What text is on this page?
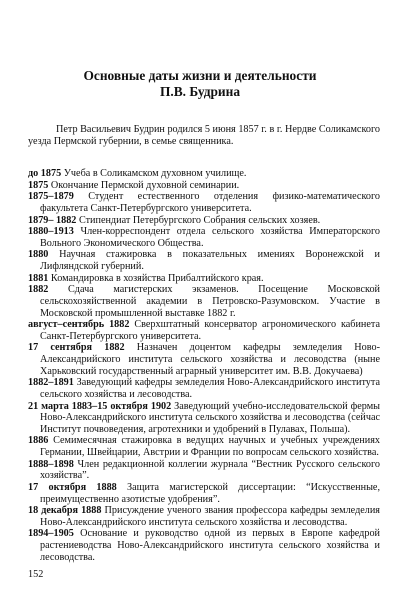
Основные даты жизни и деятельности
П.В. Будрина

Петр Васильевич Будрин родился 5 июня 1857 г. в г. Нердве Соликамского уезда Пермской губернии, в семье священника.

до 1875 Учеба в Соликамском духовном училище.
1875 Окончание Пермской духовной семинарии.
1875–1879 Студент естественного отделения физико-математического факультета Санкт-Петербургского университета.
1879– 1882 Стипендиат Петербургского Собрания сельских хозяев.
1880–1913 Член-корреспондент отдела сельского хозяйства Императорского Вольного Экономического Общества.
1880 Научная стажировка в показательных имениях Воронежской и Лифляндской губерний.
1881 Командировка в хозяйства Прибалтийского края.
1882 Сдача магистерских экзаменов. Посещение Московской сельскохозяйственной академии в Петровско-Разумовском. Участие в Московской промышленной выставке 1882 г.
август–сентябрь 1882 Сверхштатный консерватор агрономического кабинета Санкт-Петербургского университета.
17 сентября 1882 Назначен доцентом кафедры земледелия Ново-Александрийского института сельского хозяйства и лесоводства (ныне Харьковский государственный аграрный университет им. В.В. Докучаева)
1882–1891 Заведующий кафедры земледелия Ново-Александрийского института сельского хозяйства и лесоводства.
21 марта 1883–15 октября 1902 Заведующий учебно-исследовательской фермы Ново-Александрийского института сельского хозяйства и лесоводства (сейчас Институт почвоведения, агротехники и удобрений в Пулавах, Польша).
1886 Семимесячная стажировка в ведущих научных и учебных учреждениях Германии, Швейцарии, Австрии и Франции по вопросам сельского хозяйства.
1888–1898 Член редакционной коллегии журнала “Вестник Русского сельского хозяйства”.
17 октября 1888 Защита магистерской диссертации: “Искусственные, преимущественно азотистые удобрения”.
18 декабря 1888 Присуждение ученого звания профессора кафедры земледелия Ново-Александрийского института сельского хозяйства и лесоводства.
1894–1905 Основание и руководство одной из первых в Европе кафедрой растениеводства Ново-Александрийского института сельского хозяйства и лесоводства.
152
